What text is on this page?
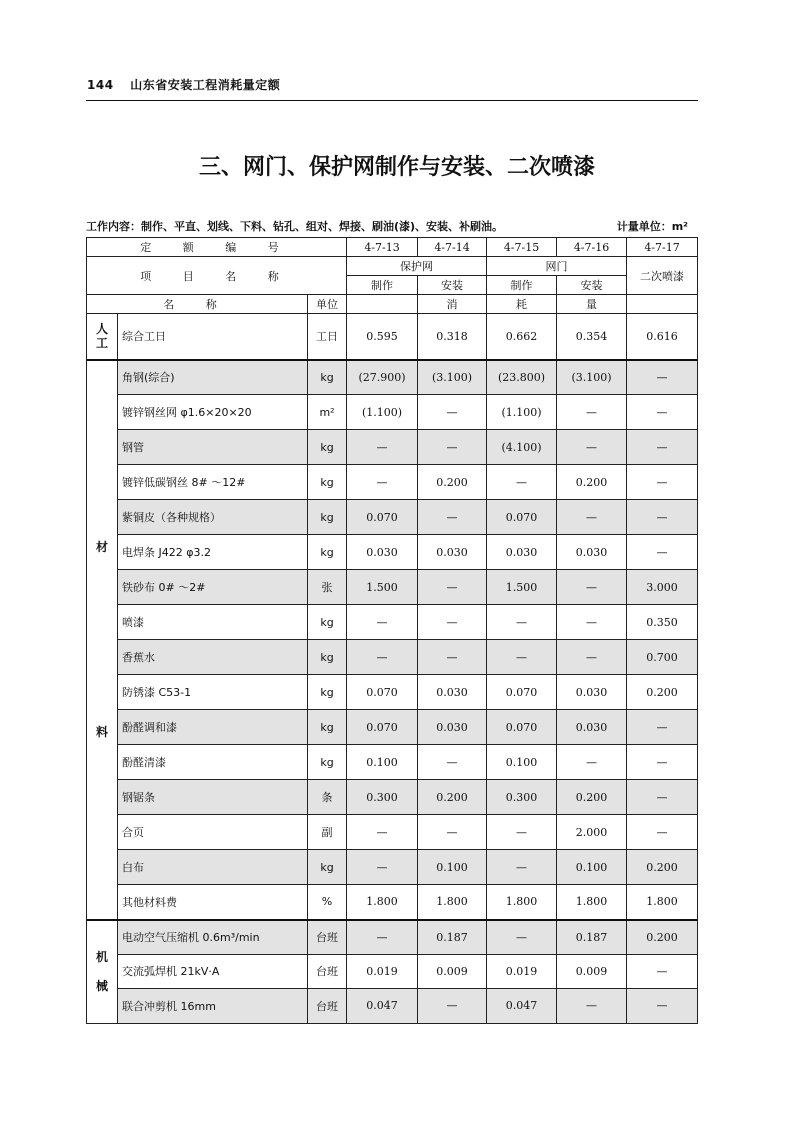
144 山东省安装工程消耗量定额
三、网门、保护网制作与安装、二次喷漆
工作内容：制作、平直、划线、下料、钻孔、组对、焊接、刷油(漆)、安装、补刷油。	计量单位：m²
定 额 编 号			4-7-13	4-7-14	4-7-15	4-7-16	4-7-17
项 目 名 称			保护网		网门		二次喷漆
			制作	安装	制作	安装	
名 称		单位		消	耗	量	
人工	综合工日	工日	0.595	0.318	0.662	0.354	0.616

材
料	角钢(综合)	kg	(27.900)	(3.100)	(23.800)	(3.100)	—
	镀锌钢丝网 φ1.6×20×20	m²	(1.100)	—	(1.100)	—	—
	钢管	kg	—	—	(4.100)	—	—
	镀锌低碳钢丝 8# ～12#	kg	—	0.200	—	0.200	—
	紫铜皮（各种规格）	kg	0.070	—	0.070	—	—
	电焊条 J422 φ3.2	kg	0.030	0.030	0.030	0.030	—
	铁砂布 0# ～2#	张	1.500	—	1.500	—	3.000
	喷漆	kg	—	—	—	—	0.350
	香蕉水	kg	—	—	—	—	0.700
	防锈漆 C53-1	kg	0.070	0.030	0.070	0.030	0.200
	酚醛调和漆	kg	0.070	0.030	0.070	0.030	—
	酚醛清漆	kg	0.100	—	0.100	—	—
	钢锯条	条	0.300	0.200	0.300	0.200	—
	合页	副	—	—	—	2.000	—
	白布	kg	—	0.100	—	0.100	0.200
	其他材料费	%	1.800	1.800	1.800	1.800	1.800

机
械	电动空气压缩机 0.6m³/min	台班	—	0.187	—	0.187	0.200
	交流弧焊机 21kV·A	台班	0.019	0.009	0.019	0.009	—
	联合冲剪机 16mm	台班	0.047	—	0.047	—	—
